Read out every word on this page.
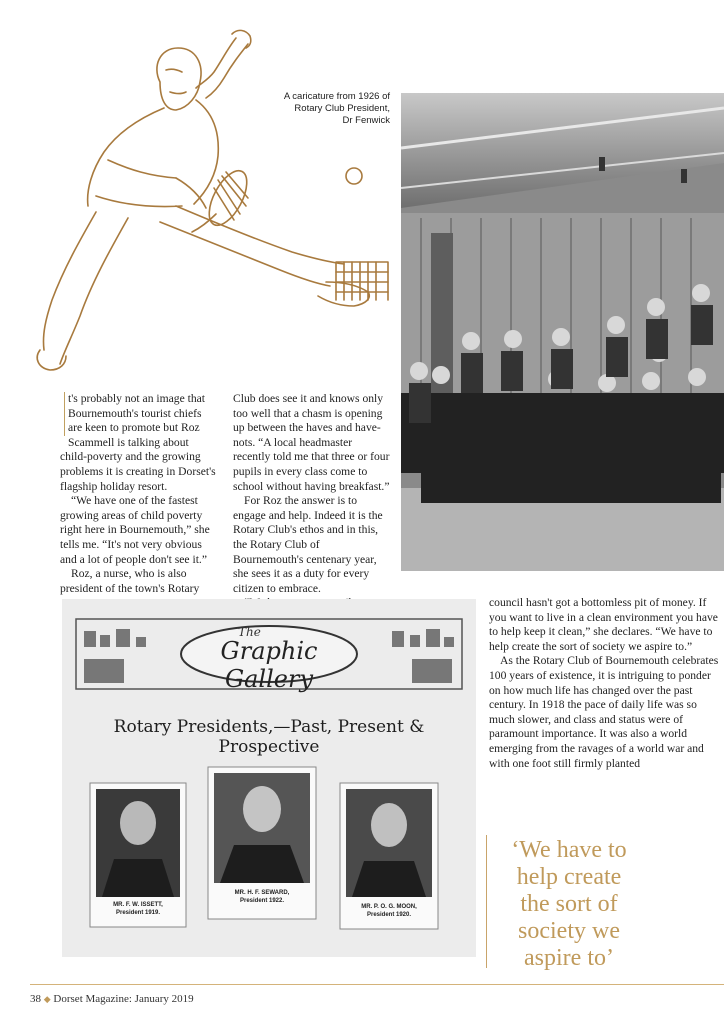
A caricature from 1926 of
Rotary Club President,
Dr Fenwick

t's probably not an image that
Bournemouth's tourist chiefs
are keen to promote but Roz
Scammell is talking about

child-poverty and the growing problems it is creating in Dorset's flagship holiday resort.

“We have one of the fastest growing areas of child poverty right here in Bournemouth,” she tells me. “It's not very obvious and a lot of people don't see it.”

Roz, a nurse, who is also president of the town's Rotary

Club does see it and knows only too well that a chasm is opening up between the haves and have-nots. “A local headmaster recently told me that three or four pupils in every class come to school without having breakfast.”

For Roz the answer is to engage and help. Indeed it is the Rotary Club's ethos and in this, the Rotary Club of Bournemouth's centenary year, she sees it as a duty for every citizen to embrace.

The
Graphic Gallery
Rotary Presidents,—Past, Present & Prospective
MR. F. W. ISSETT,
President 1919.
MR. H. F. SEWARD,
President 1922.
MR. P. O. G. MOON,
President 1920.

council hasn't got a bottomless pit of money. If you want to live in a clean environment you have to help keep it clean,” she declares. “We have to help create the sort of society we aspire to.”

As the Rotary Club of Bournemouth celebrates 100 years of existence, it is intriguing to ponder on how much life has changed over the past century. In 1918 the pace of daily life was so much slower, and class and status were of paramount importance. It was also a world emerging from the ravages of a world war and with one foot still firmly planted

‘We have to
help create
the sort of
society we
aspire to’
38 ◆ Dorset Magazine: January 2019
